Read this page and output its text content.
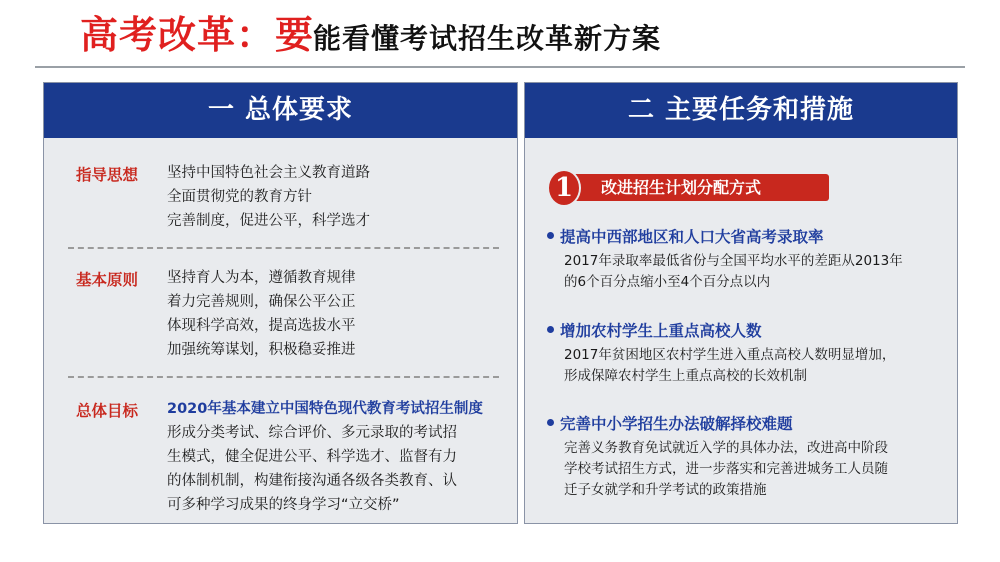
高考改革：要能看懂考试招生改革新方案
一 总体要求
指导思想 坚持中国特色社会主义教育道路
全面贯彻党的教育方针
完善制度，促进公平，科学选才
基本原则 坚持育人为本，遵循教育规律
着力完善规则，确保公平公正
体现科学高效，提高选拔水平
加强统筹谋划，积极稳妥推进
总体目标 2020年基本建立中国特色现代教育考试招生制度
形成分类考试、综合评价、多元录取的考试招
生模式，健全促进公平、科学选才、监督有力
的体制机制，构建衔接沟通各级各类教育、认
可多种学习成果的终身学习“立交桥”
二 主要任务和措施
改进招生计划分配方式
1
提高中西部地区和人口大省高考录取率
2017年录取率最低省份与全国平均水平的差距从2013年
的6个百分点缩小至4个百分点以内
增加农村学生上重点高校人数
2017年贫困地区农村学生进入重点高校人数明显增加，
形成保障农村学生上重点高校的长效机制
完善中小学招生办法破解择校难题
完善义务教育免试就近入学的具体办法，改进高中阶段
学校考试招生方式，进一步落实和完善进城务工人员随
迁子女就学和升学考试的政策措施
